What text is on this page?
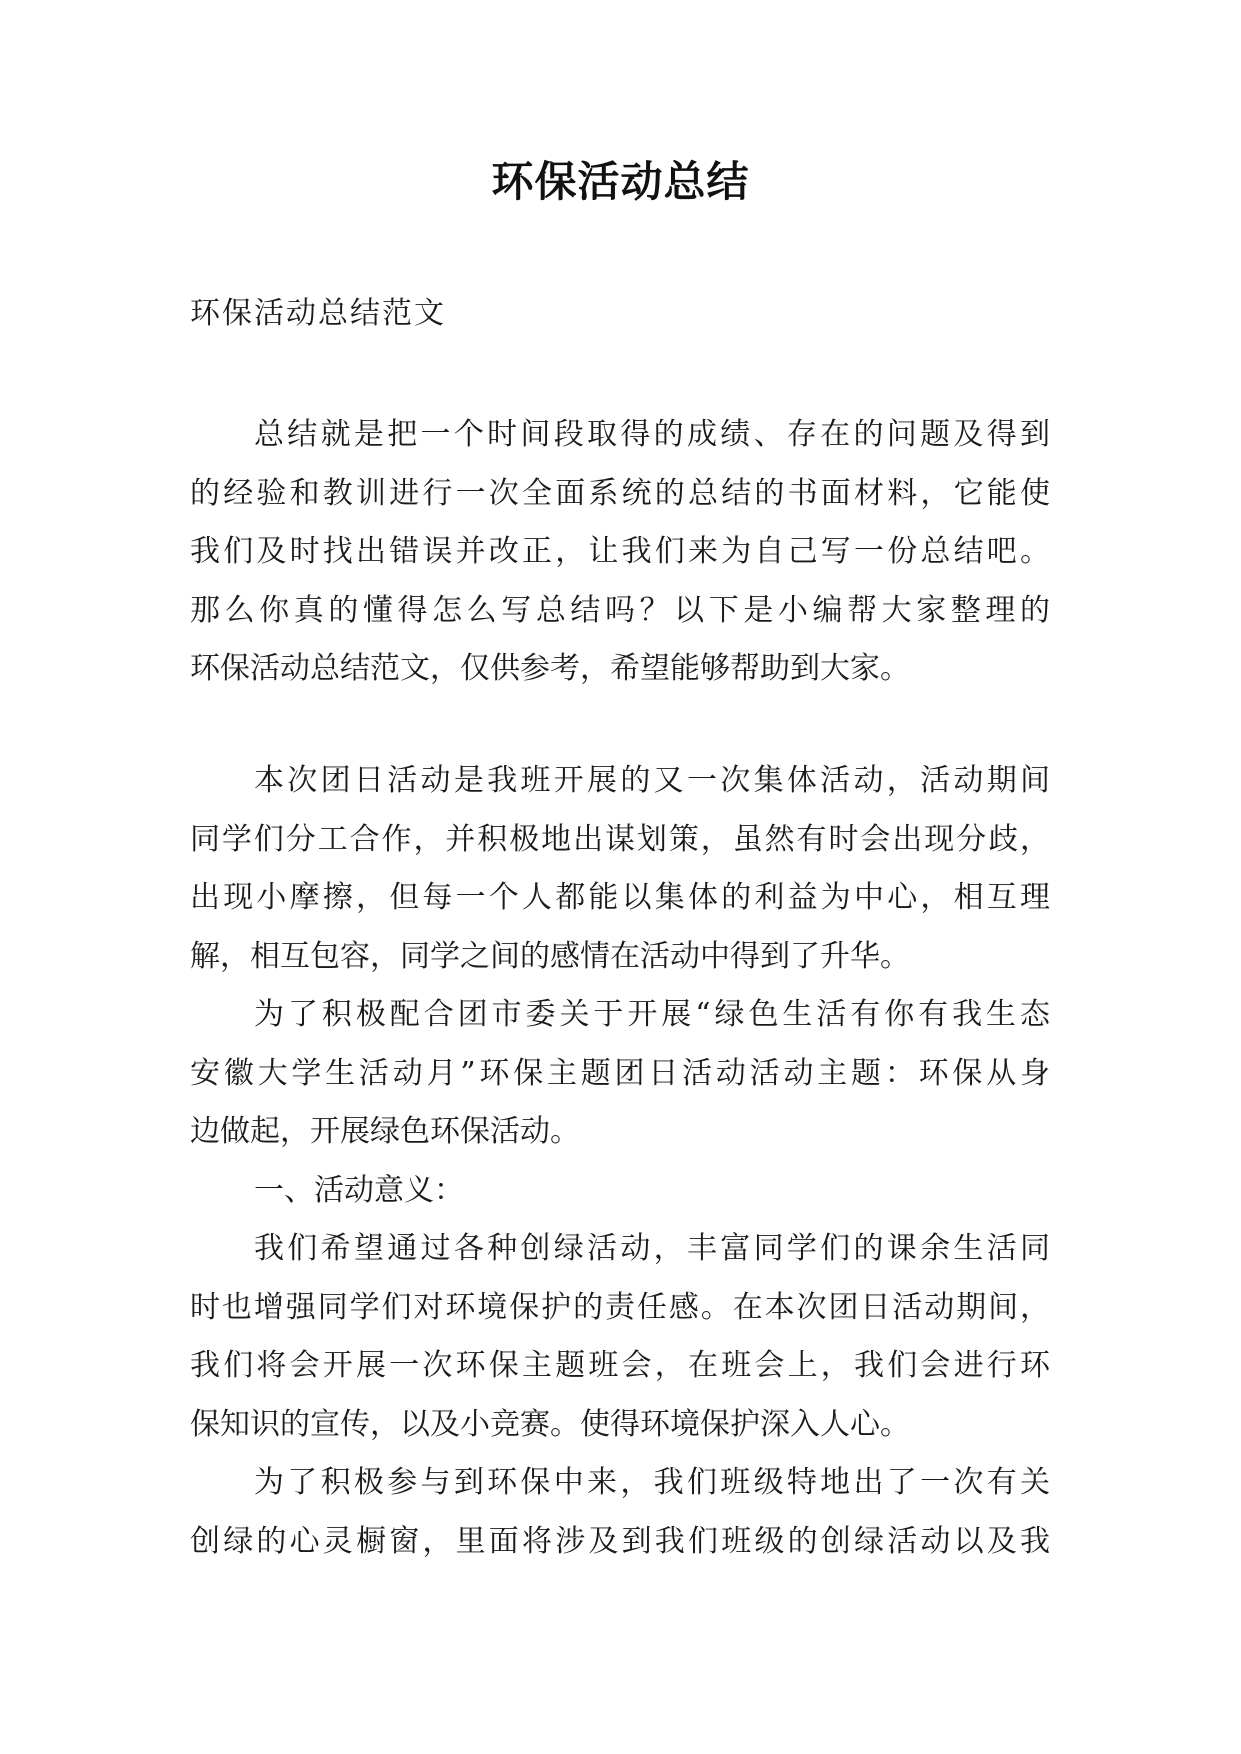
环保活动总结

环保活动总结范文

总结就是把一个时间段取得的成绩、存在的问题及得到
的经验和教训进行一次全面系统的总结的书面材料，它能使
我们及时找出错误并改正，让我们来为自己写一份总结吧。
那么你真的懂得怎么写总结吗？以下是小编帮大家整理的
环保活动总结范文，仅供参考，希望能够帮助到大家。
本次团日活动是我班开展的又一次集体活动，活动期间
同学们分工合作，并积极地出谋划策，虽然有时会出现分歧，
出现小摩擦，但每一个人都能以集体的利益为中心，相互理
解，相互包容，同学之间的感情在活动中得到了升华。
为了积极配合团市委关于开展“绿色生活有你有我生态
安徽大学生活动月”环保主题团日活动活动主题：环保从身
边做起，开展绿色环保活动。
一、活动意义：
我们希望通过各种创绿活动，丰富同学们的课余生活同
时也增强同学们对环境保护的责任感。在本次团日活动期间，
我们将会开展一次环保主题班会，在班会上，我们会进行环
保知识的宣传，以及小竞赛。使得环境保护深入人心。
为了积极参与到环保中来，我们班级特地出了一次有关
创绿的心灵橱窗，里面将涉及到我们班级的创绿活动以及我
